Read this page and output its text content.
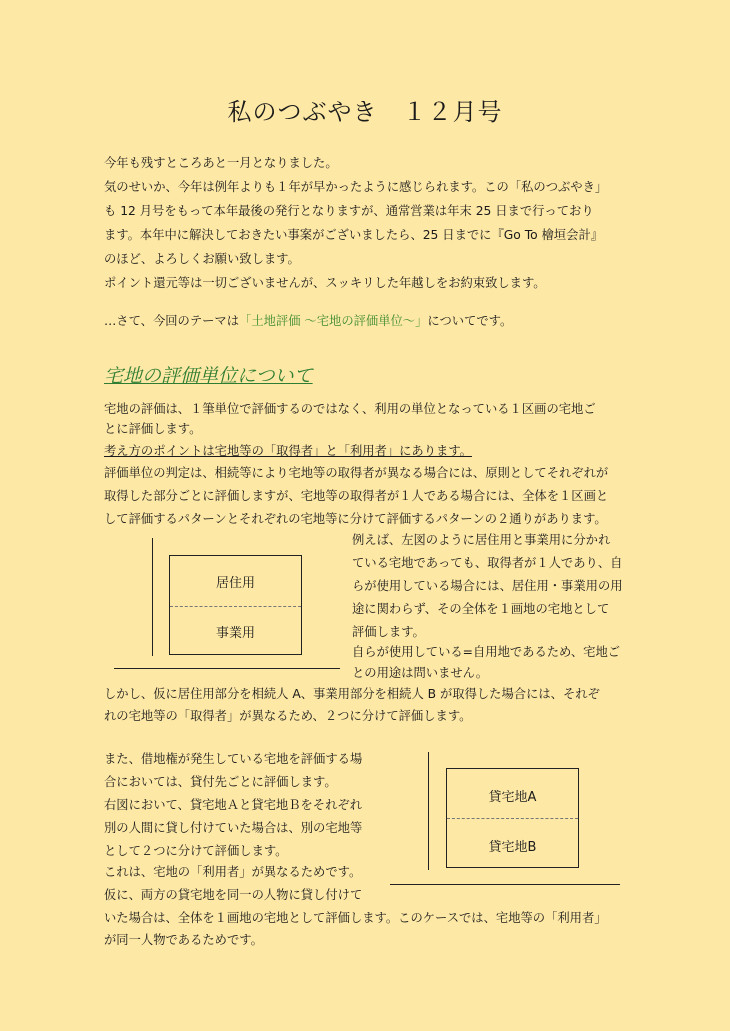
私のつぶやき　１２月号
今年も残すところあと一月となりました。
気のせいか、今年は例年よりも１年が早かったように感じられます。この「私のつぶやき」
も 12 月号をもって本年最後の発行となりますが、通常営業は年末 25 日まで行っており
ます。本年中に解決しておきたい事案がございましたら、25 日までに『Go To 檜垣会計』
のほど、よろしくお願い致します。
ポイント還元等は一切ございませんが、スッキリした年越しをお約束致します。
…さて、今回のテーマは「土地評価 ～宅地の評価単位～」についてです。
宅地の評価単位について
宅地の評価は、１筆単位で評価するのではなく、利用の単位となっている１区画の宅地ご
とに評価します。
考え方のポイントは宅地等の「取得者」と「利用者」にあります。
評価単位の判定は、相続等により宅地等の取得者が異なる場合には、原則としてそれぞれが
取得した部分ごとに評価しますが、宅地等の取得者が１人である場合には、全体を１区画と
して評価するパターンとそれぞれの宅地等に分けて評価するパターンの２通りがあります。
居住用
事業用
例えば、左図のように居住用と事業用に分かれ
ている宅地であっても、取得者が１人であり、自
らが使用している場合には、居住用・事業用の用
途に関わらず、その全体を１画地の宅地として
評価します。
自らが使用している=自用地であるため、宅地ご
との用途は問いません。
しかし、仮に居住用部分を相続人 A、事業用部分を相続人 B が取得した場合には、それぞ
れの宅地等の「取得者」が異なるため、２つに分けて評価します。
また、借地権が発生している宅地を評価する場
合においては、貸付先ごとに評価します。
右図において、貸宅地Ａと貸宅地Ｂをそれぞれ
別の人間に貸し付けていた場合は、別の宅地等
として２つに分けて評価します。
これは、宅地の「利用者」が異なるためです。
仮に、両方の貸宅地を同一の人物に貸し付けて
貸宅地A
貸宅地B
いた場合は、全体を１画地の宅地として評価します。このケースでは、宅地等の「利用者」
が同一人物であるためです。
